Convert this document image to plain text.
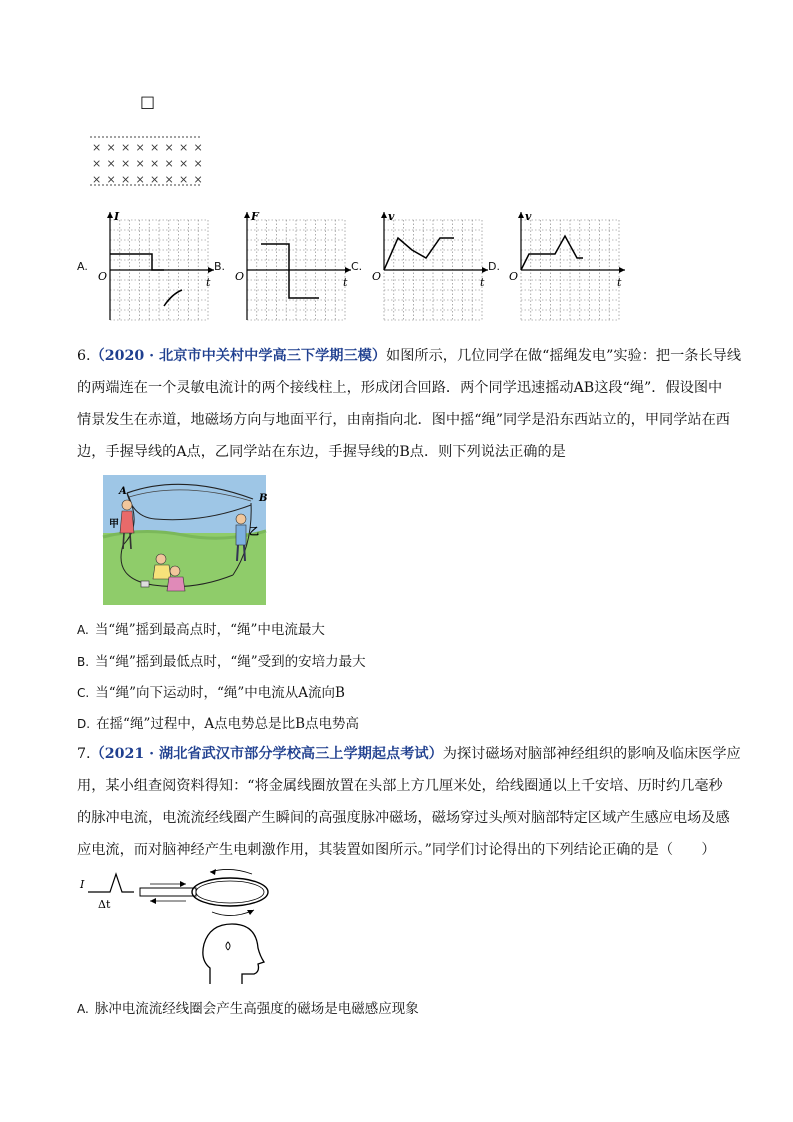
□
× × × × × × × ×
× × × × × × × ×
× × × × × × × ×
A.	B.	C.	D.
I
O	t
F
O	t
v
O	t
v
O	t

6.（2020 · 北京市中关村中学高三下学期三模）如图所示，几位同学在做“摇绳发电”实验：把一条长导线

的两端连在一个灵敏电流计的两个接线柱上，形成闭合回路．两个同学迅速摇动AB这段“绳”．假设图中

情景发生在赤道，地磁场方向与地面平行，由南指向北．图中摇“绳”同学是沿东西站立的，甲同学站在西

边，手握导线的A点，乙同学站在东边，手握导线的B点．则下列说法正确的是

A
B
甲
乙
A. 当“绳”摇到最高点时，“绳”中电流最大
B. 当“绳”摇到最低点时，“绳”受到的安培力最大
C. 当“绳”向下运动时，“绳”中电流从A流向B
D. 在摇“绳”过程中，A点电势总是比B点电势高

7.（2021 · 湖北省武汉市部分学校高三上学期起点考试）为探讨磁场对脑部神经组织的影响及临床医学应

用，某小组查阅资料得知：“将金属线圈放置在头部上方几厘米处，给线圈通以上千安培、历时约几毫秒

的脉冲电流，电流流经线圈产生瞬间的高强度脉冲磁场，磁场穿过头颅对脑部特定区域产生感应电场及感

应电流，而对脑神经产生电刺激作用，其装置如图所示。”同学们讨论得出的下列结论正确的是（　　）

I
Δt
A. 脉冲电流流经线圈会产生高强度的磁场是电磁感应现象
